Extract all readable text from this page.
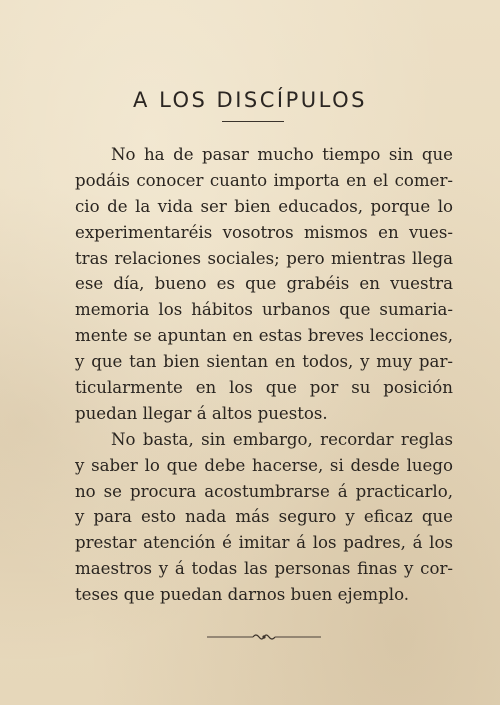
A LOS DISCÍPULOS
No ha de pasar mucho tiempo sin que
podáis conocer cuanto importa en el comer-
cio de la vida ser bien educados, porque lo
experimentaréis vosotros mismos en vues-
tras relaciones sociales; pero mientras llega
ese día, bueno es que grabéis en vuestra
memoria los hábitos urbanos que sumaria-
mente se apuntan en estas breves lecciones,
y que tan bien sientan en todos, y muy par-
ticularmente en los que por su posición
puedan llegar á altos puestos.
No basta, sin embargo, recordar reglas
y saber lo que debe hacerse, si desde luego
no se procura acostumbrarse á practicarlo,
y para esto nada más seguro y eficaz que
prestar atención é imitar á los padres, á los
maestros y á todas las personas finas y cor-
teses que puedan darnos buen ejemplo.
